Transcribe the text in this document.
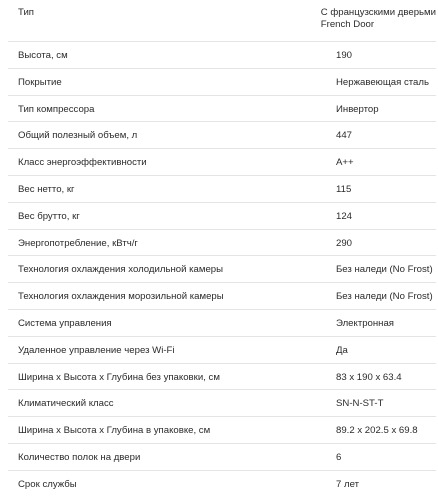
Тип	С французскими дверьми
French Door
Высота, см	190
Покрытие	Нержавеющая сталь
Тип компрессора	Инвертор
Общий полезный объем, л	447
Класс энергоэффективности	A++
Вес нетто, кг	115
Вес брутто, кг	124
Энергопотребление, кВтч/г	290
Технология охлаждения холодильной камеры	Без наледи (No Frost)
Технология охлаждения морозильной камеры	Без наледи (No Frost)
Система управления	Электронная
Удаленное управление через Wi-Fi	Да
Ширина x Высота x Глубина без упаковки, см	83 x 190 x 63.4
Климатический класс	SN-N-ST-T
Ширина x Высота x Глубина в упаковке, см	89.2 x 202.5 x 69.8
Количество полок на двери	6
Срок службы	7 лет
